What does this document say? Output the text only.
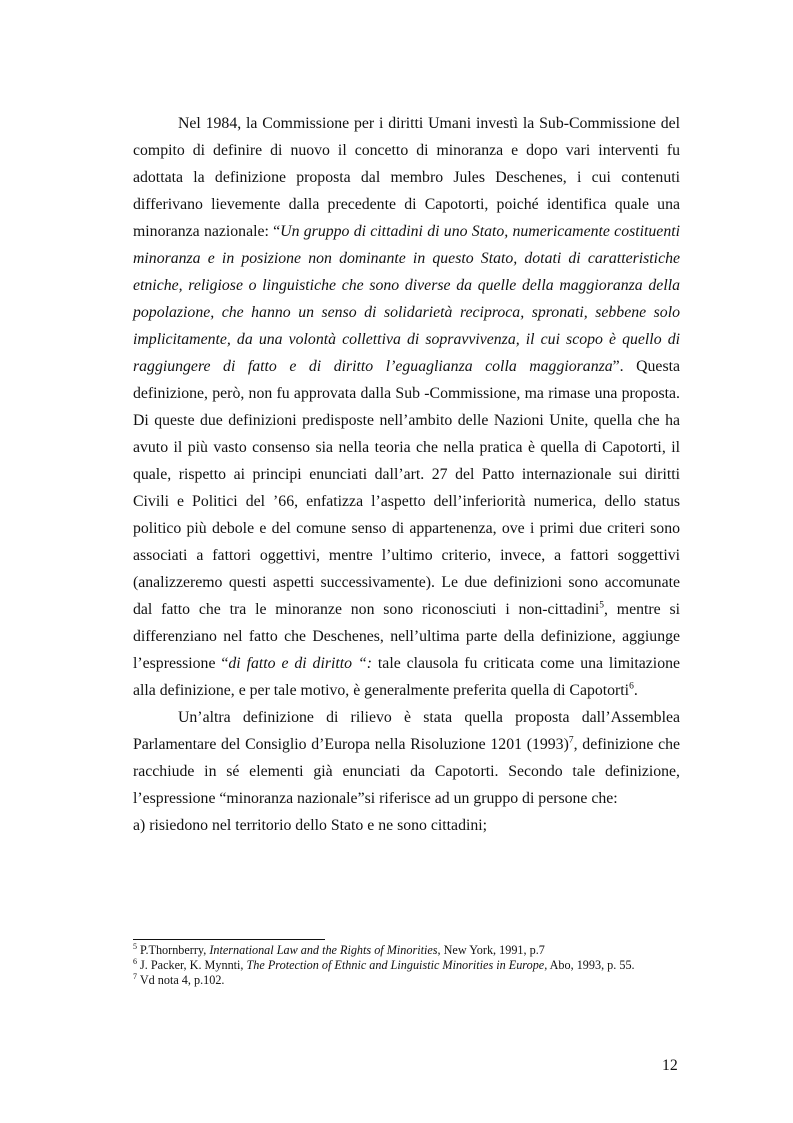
Nel 1984, la Commissione per i diritti Umani investì la Sub-Commissione del compito di definire di nuovo il concetto di minoranza e dopo vari interventi fu adottata la definizione proposta dal membro Jules Deschenes, i cui contenuti differivano lievemente dalla precedente di Capotorti, poiché identifica quale una minoranza nazionale: “Un gruppo di cittadini di uno Stato, numericamente costituenti minoranza e in posizione non dominante in questo Stato, dotati di caratteristiche etniche, religiose o linguistiche che sono diverse da quelle della maggioranza della popolazione, che hanno un senso di solidarietà reciproca, spronati, sebbene solo implicitamente, da una volontà collettiva di sopravvivenza, il cui scopo è quello di raggiungere di fatto e di diritto l’eguaglianza colla maggioranza”. Questa definizione, però, non fu approvata dalla Sub -Commissione, ma rimase una proposta. Di queste due definizioni predisposte nell’ambito delle Nazioni Unite, quella che ha avuto il più vasto consenso sia nella teoria che nella pratica è quella di Capotorti, il quale, rispetto ai principi enunciati dall’art. 27 del Patto internazionale sui diritti Civili e Politici del ’66, enfatizza l’aspetto dell’inferiorità numerica, dello status politico più debole e del comune senso di appartenenza, ove i primi due criteri sono associati a fattori oggettivi, mentre l’ultimo criterio, invece, a fattori soggettivi (analizzeremo questi aspetti successivamente). Le due definizioni sono accomunate dal fatto che tra le minoranze non sono riconosciuti i non-cittadini$^5$, mentre si differenziano nel fatto che Deschenes, nell’ultima parte della definizione, aggiunge l’espressione “di fatto e di diritto “: tale clausola fu criticata come una limitazione alla definizione, e per tale motivo, è generalmente preferita quella di Capotorti$^6$.

Un’altra definizione di rilievo è stata quella proposta dall’Assemblea Parlamentare del Consiglio d’Europa nella Risoluzione 1201 $(1993)^7$, definizione che racchiude in sé elementi già enunciati da Capotorti. Secondo tale definizione, l’espressione “minoranza nazionale”si riferisce ad un gruppo di persone che:

a) risiedono nel territorio dello Stato e ne sono cittadini;

$^5$ P.Thornberry, International Law and the Rights of Minorities, New York, 1991, p.7
$^6$ J. Packer, K. Mynnti, The Protection of Ethnic and Linguistic Minorities in Europe, Abo, 1993, p. 55.
$^7$ Vd nota 4, p.102.
12
